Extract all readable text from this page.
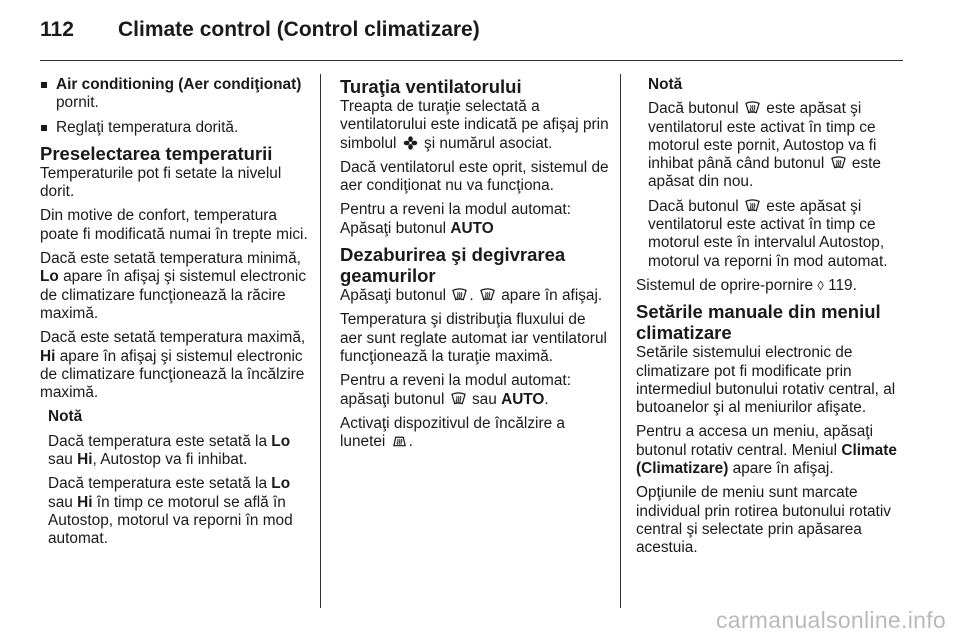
112 Climate control (Control climatizare)
Air conditioning (Aer condiţionat)
pornit.
Reglaţi temperatura dorită.
Preselectarea temperaturii

Temperaturile pot fi setate la nivelul dorit.

Din motive de confort, temperatura poate fi modificată numai în trepte mici.

Dacă este setată temperatura minimă, Lo apare în afişaj şi sistemul electronic de climatizare funcţionează la răcire maximă.

Dacă este setată temperatura maximă, Hi apare în afişaj şi sistemul electronic de climatizare funcţionează la încălzire maximă.

Notă

Dacă temperatura este setată la Lo sau Hi, Autostop va fi inhibat.

Dacă temperatura este setată la Lo sau Hi în timp ce motorul se află în Autostop, motorul va reporni în mod automat.

Turaţia ventilatorului

Treapta de turaţie selectată a ventilatorului este indicată pe afişaj prin simbolul şi numărul asociat.

Dacă ventilatorul este oprit, sistemul de aer condiţionat nu va funcţiona.

Pentru a reveni la modul automat: Apăsaţi butonul AUTO

Dezaburirea şi degivrarea geamurilor

Apăsaţi butonul .
apare în afişaj.

Temperatura şi distribuţia fluxului de aer sunt reglate automat iar ventilatorul funcţionează la turaţie maximă.

Pentru a reveni la modul automat: apăsaţi butonul sau AUTO.

Activaţi dispozitivul de încălzire a lunetei .

Notă

Dacă butonul este apăsat şi ventilatorul este activat în timp ce motorul este pornit, Autostop va fi inhibat până când butonul este apăsat din nou.

Dacă butonul este apăsat şi ventilatorul este activat în timp ce motorul este în intervalul Autostop, motorul va reporni în mod automat.

Sistemul de oprire-pornire ◊ 119.

Setările manuale din meniul climatizare

Setările sistemului electronic de climatizare pot fi modificate prin intermediul butonului rotativ central, al butoanelor şi al meniurilor afişate.

Pentru a accesa un meniu, apăsaţi butonul rotativ central. Meniul Climate (Climatizare) apare în afişaj.

Opţiunile de meniu sunt marcate individual prin rotirea butonului rotativ central şi selectate prin apăsarea acestuia.

carmanualsonline.info
